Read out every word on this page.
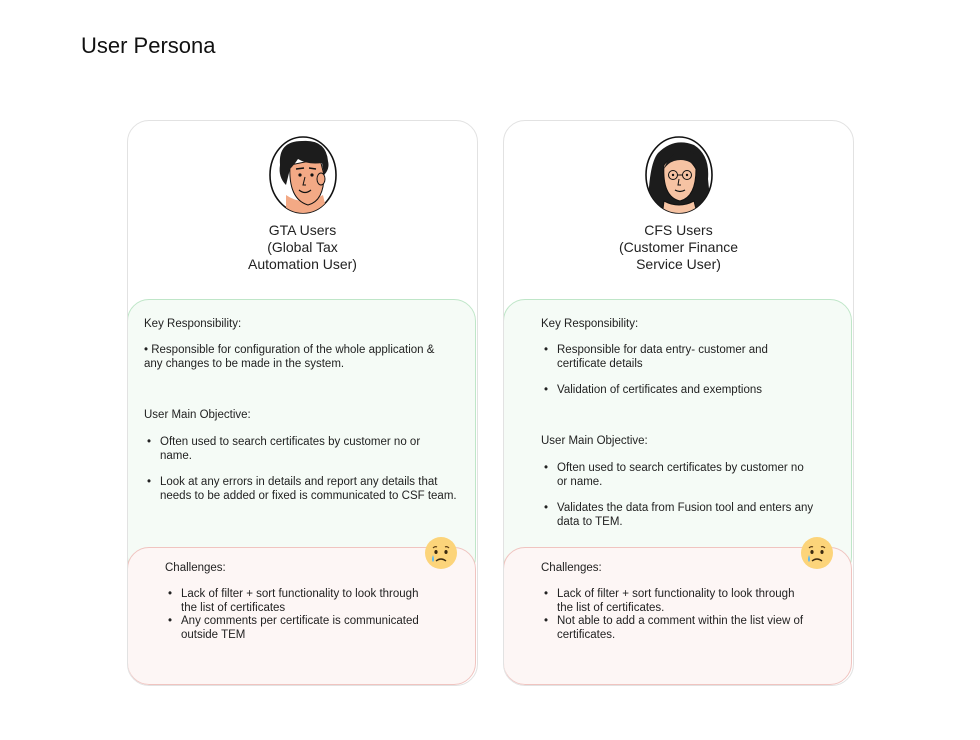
User Persona

GTA Users
(Global Tax
Automation User)

Key Responsibility:

• Responsible for configuration of the whole application &
any changes to be made in the system.

User Main Objective:

• Often used to search certificates by customer no or
name.
• Look at any errors in details and report any details that
needs to be added or fixed is communicated to CSF team.

Challenges:

• Lack of filter + sort functionality to look through
the list of certificates
• Any comments per certificate is communicated
outside TEM

CFS Users
(Customer Finance
Service User)

Key Responsibility:

• Responsible for data entry- customer and
certificate details
• Validation of certificates and exemptions

User Main Objective:

• Often used to search certificates by customer no
or name.
• Validates the data from Fusion tool and enters any
data to TEM.

Challenges:

• Lack of filter + sort functionality to look through
the list of certificates.
• Not able to add a comment within the list view of
certificates.
